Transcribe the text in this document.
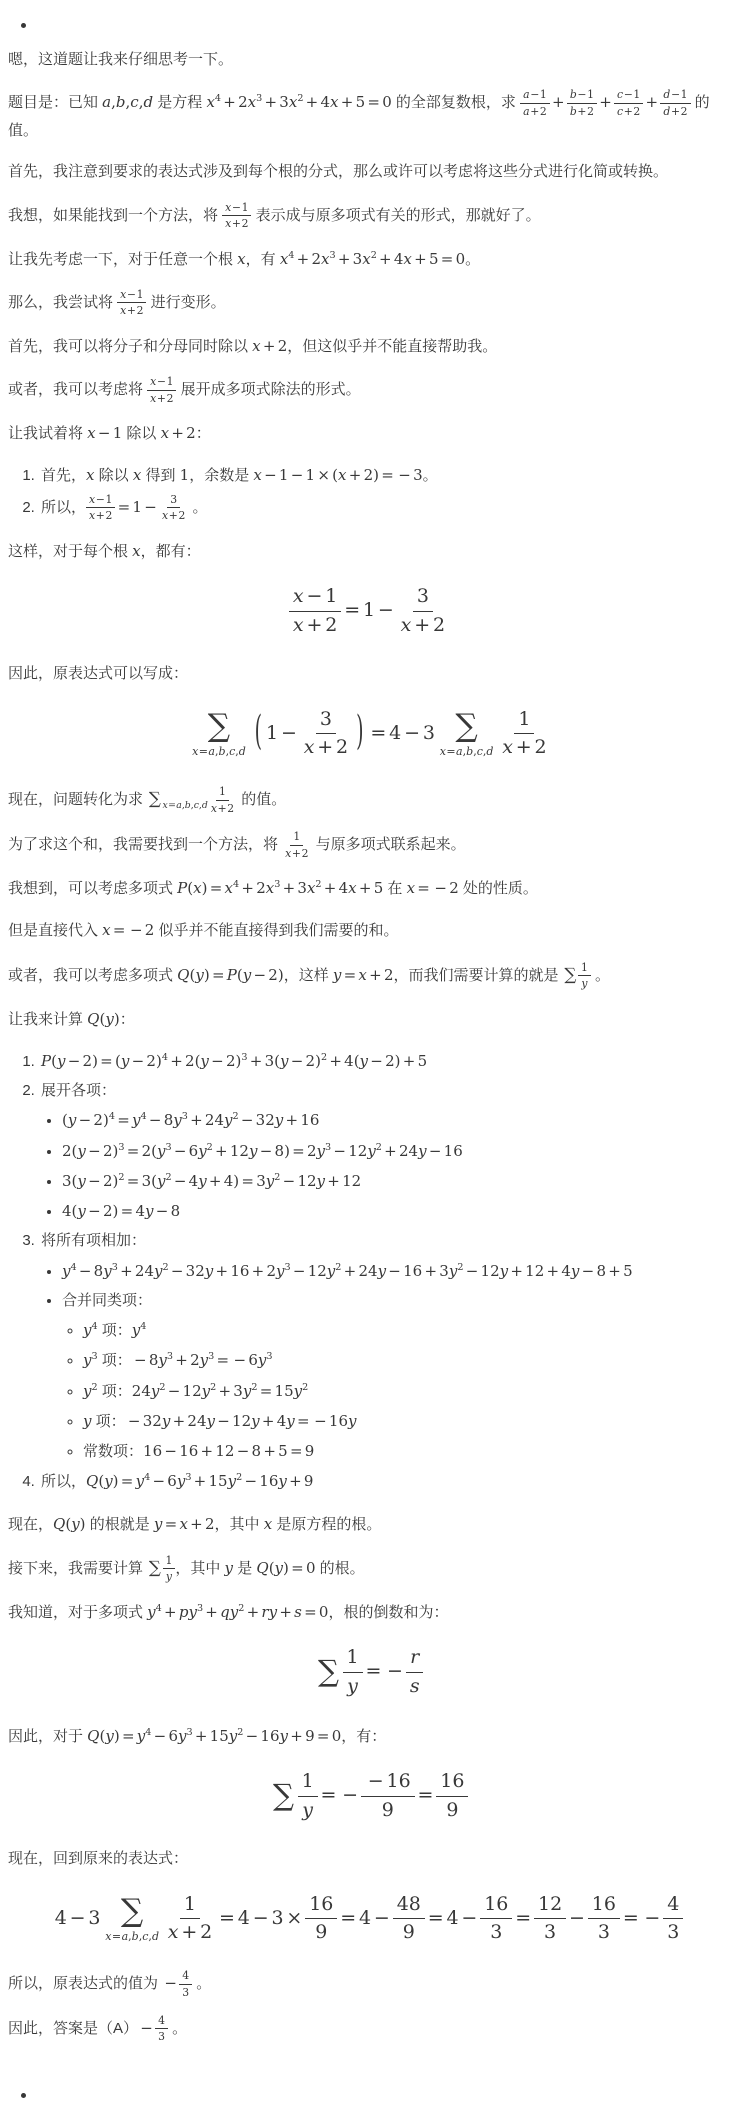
嗯，这道题让我来仔细思考一下。

题目是：已知 a,b,c,d 是方程 $x^4 + 2x^3 + 3x^2 + 4x + 5 = 0$ 的全部复数根，求 $\frac{a-1}{a+2} + \frac{b-1}{b+2} + \frac{c-1}{c+2} + \frac{d-1}{d+2}$ 的值。

首先，我注意到要求的表达式涉及到每个根的分式，那么或许可以考虑将这些分式进行化简或转换。

我想，如果能找到一个方法，将 $\frac{x-1}{x+2}$ 表示成与原多项式有关的形式，那就好了。

让我先考虑一下，对于任意一个根 x，有 $x^4 + 2x^3 + 3x^2 + 4x + 5 = 0$。

那么，我尝试将 $\frac{x-1}{x+2}$ 进行变形。

首先，我可以将分子和分母同时除以 x + 2，但这似乎并不能直接帮助我。

或者，我可以考虑将 $\frac{x-1}{x+2}$ 展开成多项式除法的形式。

让我试着将 x − 1 除以 x + 2：

1. 首先，x 除以 x 得到 1，余数是 x − 1 − 1 × (x + 2) = − 3。
2. 所以， $\frac{x-1}{x+2} = 1 - \frac{3}{x+2}$ 。

这样，对于每个根 x，都有：

$\frac{x - 1}{x + 2} = 1 - \frac{3}{x + 2}$

因此，原表达式可以写成：

∑
x=a,b,c,d ( $1 - \frac{3}{x + 2}$ ) = 4 − 3 ∑
$x=a,b,c,d \frac{1}{x + 2}$

现在，问题转化为求 ∑ $_{x=a,b,c,d} \frac{1}{x+2}$ 的值。

为了求这个和，我需要找到一个方法，将 $\frac{1}{x+2}$ 与原多项式联系起来。

我想到，可以考虑多项式 $P(x) = x^4 + 2x^3 + 3x^2 + 4x + 5$ 在 x = − 2 处的性质。

但是直接代入 x = − 2 似乎并不能直接得到我们需要的和。

或者，我可以考虑多项式 Q(y) = P(y − 2)，这样 y = x + 2，而我们需要计算的就是 ∑ $\frac{1}{y}$ 。

让我来计算 Q(y)：

1. $P(y - 2) = (y - 2)^4 + 2(y - 2)^3 + 3(y - 2)^2 + 4(y - 2) + 5$
2. 展开各项：
• $(y - 2)^4 = y^4 - 8y^3 + 24y^2 - 32y + 16$
• $2(y - 2)^3 = 2(y^3 - 6y^2 + 12y - 8) = 2y^3 - 12y^2 + 24y - 16$
• $3(y - 2)^2 = 3(y^2 - 4y + 4) = 3y^2 - 12y + 12$
• 4(y − 2) = 4y − 8
3. 将所有项相加：
• $y^4 - 8y^3 + 24y^2 - 32y + 16 + 2y^3 - 12y^2 + 24y - 16 + 3y^2 - 12y + 12 + 4y - 8 + 5$
• 合并同类项：
◦ $y^4$ 项：$y^4$
◦ $y^3$ 项： − $8y^3 + 2y^3$ = − $6y^3$
◦ $y^2$ 项：$24y^2 - 12y^2 + 3y^2 = 15y^2$
◦ y 项： − 32y + 24y − 12y + 4y = − 16y
◦ 常数项：16 − 16 + 12 − 8 + 5 = 9
4. 所以，$Q(y) = y^4 - 6y^3 + 15y^2 - 16y + 9$

现在，Q(y) 的根就是 y = x + 2，其中 x 是原方程的根。

接下来，我需要计算 ∑ $\frac{1}{y}$ ，其中 y 是 Q(y) = 0 的根。

我知道，对于多项式 $y^4 + py^3 + qy^2$ + ry + s = 0，根的倒数和为：

∑ $\frac{1}{y}$ = − $\frac{r}{s}$

因此，对于 $Q(y) = y^4 - 6y^3 + 15y^2 - 16y + 9 = 0$，有：

∑ $\frac{1}{y}$ = − $\frac{- 16}{9} = \frac{16}{9}$

现在，回到原来的表达式：

4 − 3 ∑
$x=a,b,c,d \frac{1}{x + 2} = 4 - 3 \times \frac{16}{9} = 4 - \frac{48}{9} = 4 - \frac{16}{3} = \frac{12}{3} - \frac{16}{3}$ = − $\frac{4}{3}$

所以，原表达式的值为 − $\frac{4}{3}$ 。

因此，答案是$(A) - \frac{4}{3}$ 。
